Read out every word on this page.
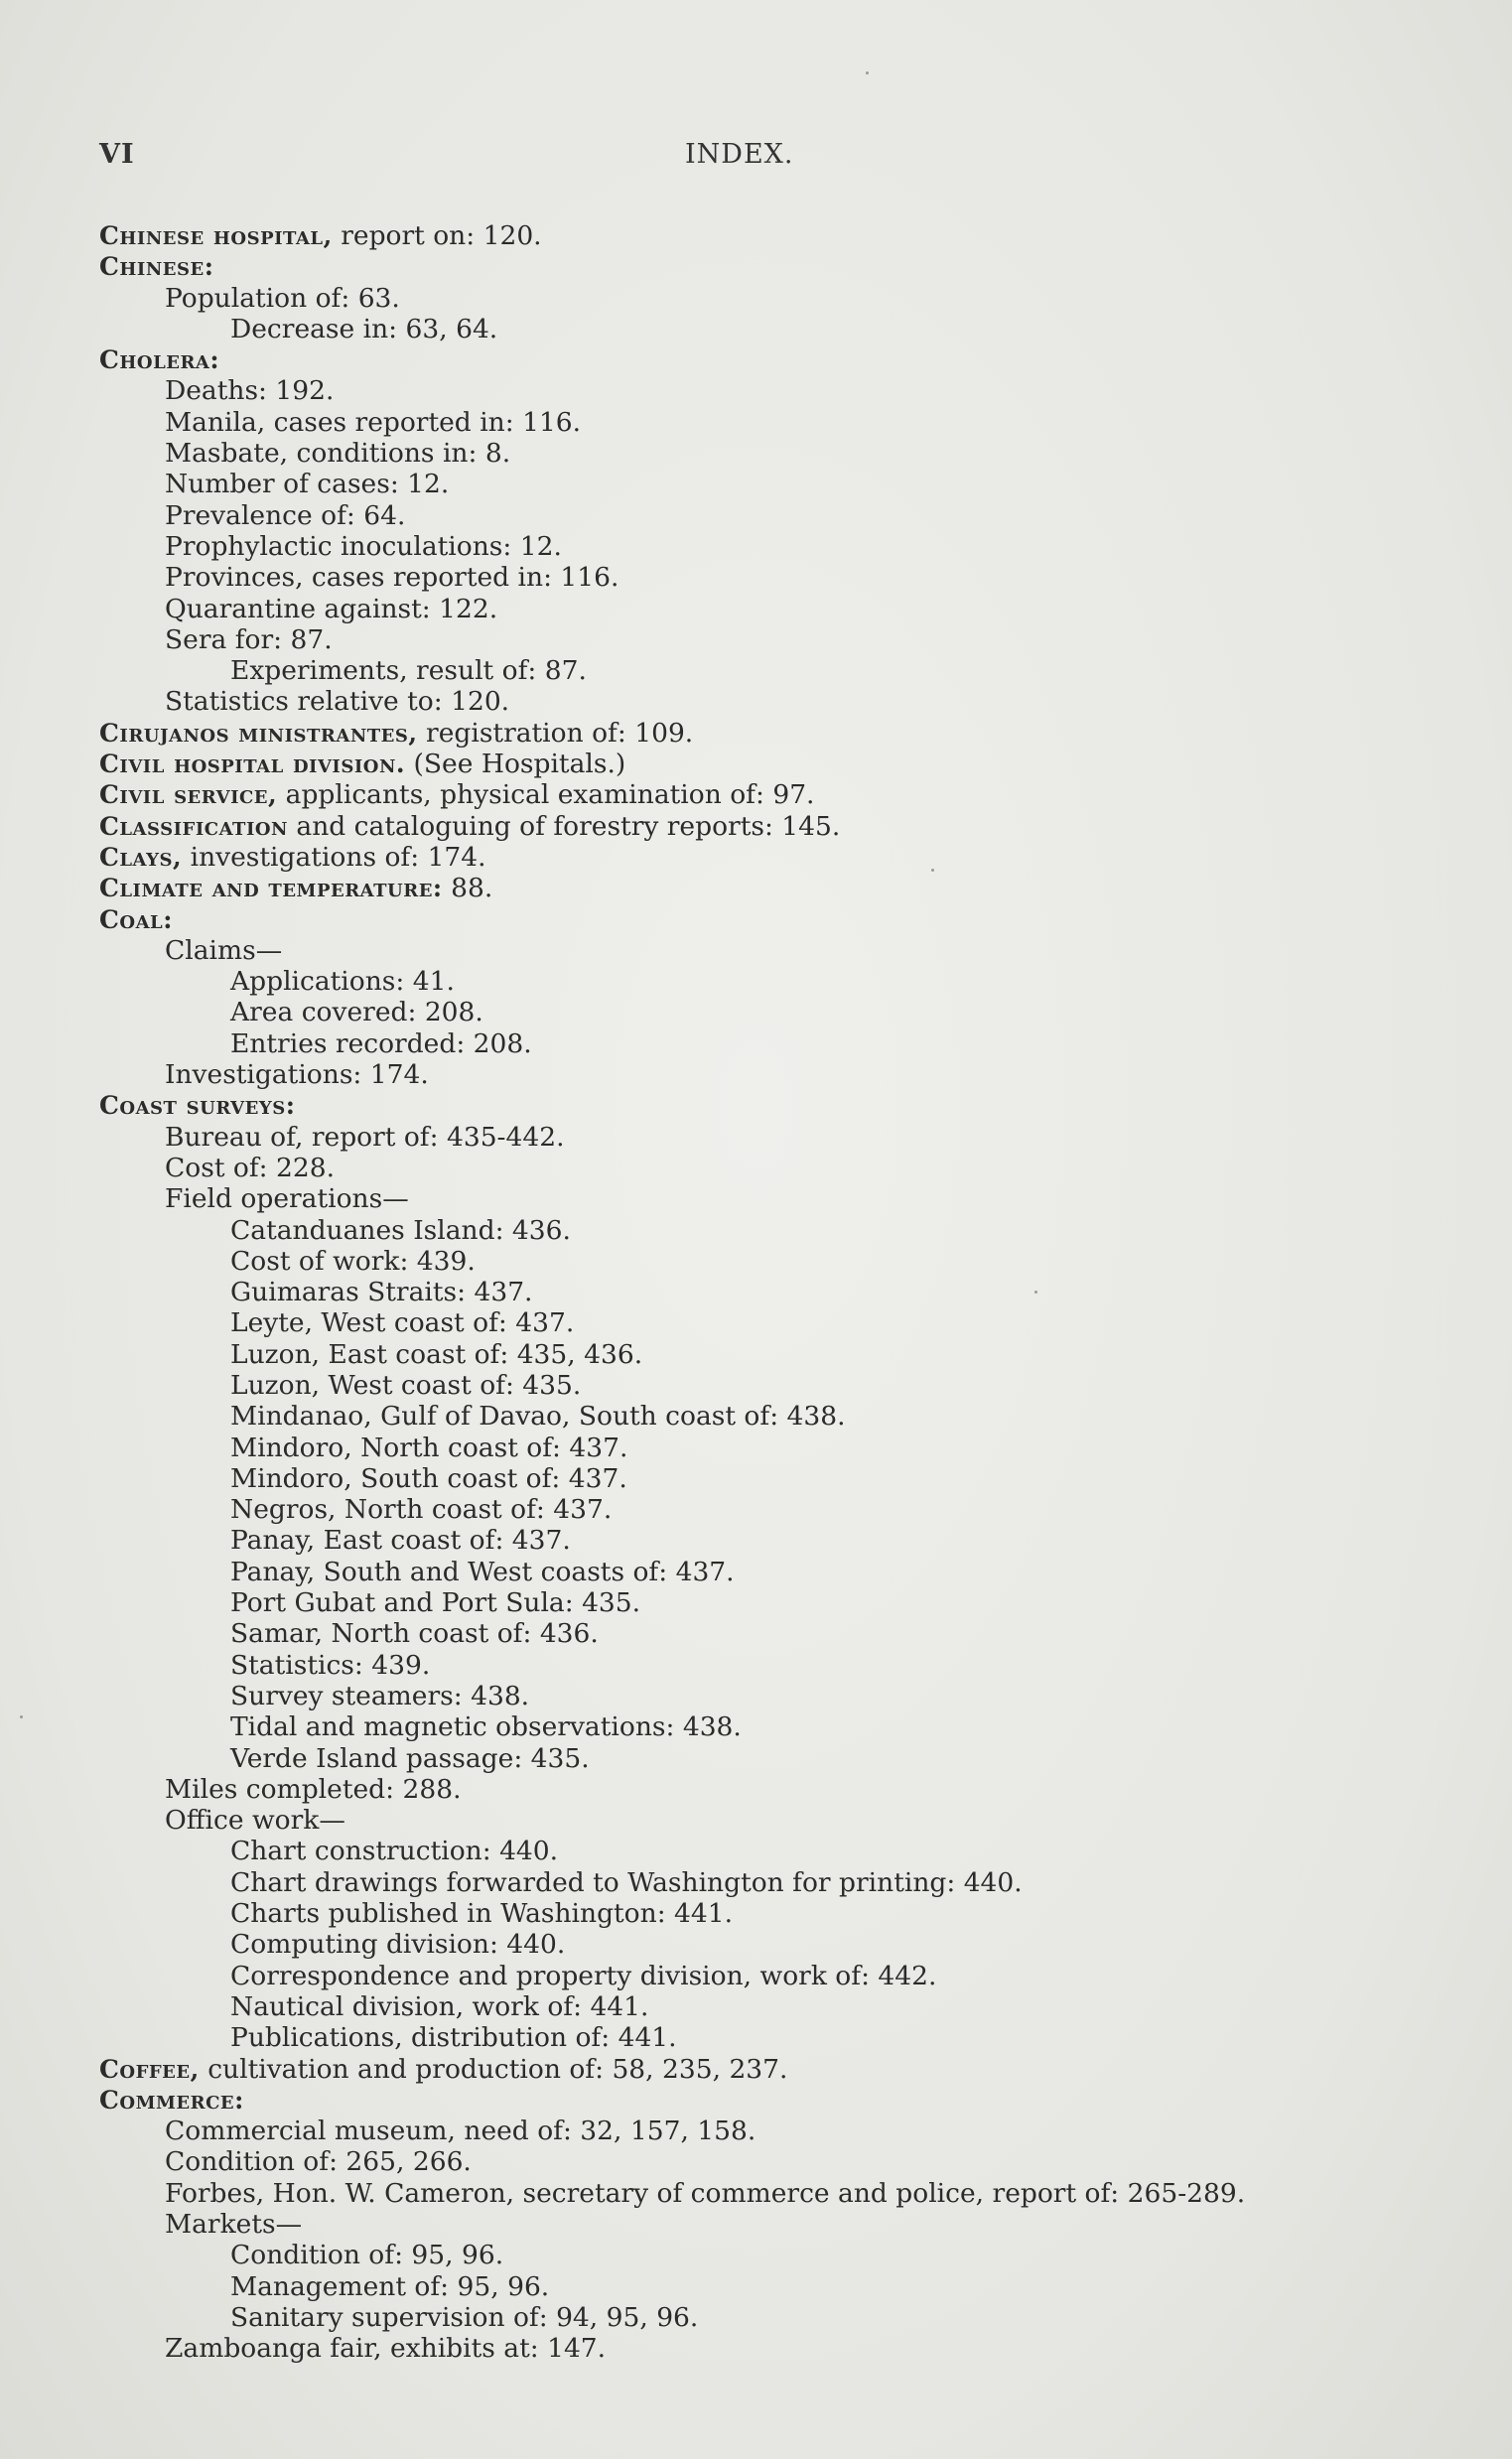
VI	INDEX.
Chinese hospital, report on: 120.
Chinese:
Population of: 63.
Decrease in: 63, 64.
Cholera:
Deaths: 192.
Manila, cases reported in: 116.
Masbate, conditions in: 8.
Number of cases: 12.
Prevalence of: 64.
Prophylactic inoculations: 12.
Provinces, cases reported in: 116.
Quarantine against: 122.
Sera for: 87.
Experiments, result of: 87.
Statistics relative to: 120.
Cirujanos ministrantes, registration of: 109.
Civil hospital division. (See Hospitals.)
Civil service, applicants, physical examination of: 97.
Classification and cataloguing of forestry reports: 145.
Clays, investigations of: 174.
Climate and temperature: 88.
Coal:
Claims—
Applications: 41.
Area covered: 208.
Entries recorded: 208.
Investigations: 174.
Coast surveys:
Bureau of, report of: 435-442.
Cost of: 228.
Field operations—
Catanduanes Island: 436.
Cost of work: 439.
Guimaras Straits: 437.
Leyte, West coast of: 437.
Luzon, East coast of: 435, 436.
Luzon, West coast of: 435.
Mindanao, Gulf of Davao, South coast of: 438.
Mindoro, North coast of: 437.
Mindoro, South coast of: 437.
Negros, North coast of: 437.
Panay, East coast of: 437.
Panay, South and West coasts of: 437.
Port Gubat and Port Sula: 435.
Samar, North coast of: 436.
Statistics: 439.
Survey steamers: 438.
Tidal and magnetic observations: 438.
Verde Island passage: 435.
Miles completed: 288.
Office work—
Chart construction: 440.
Chart drawings forwarded to Washington for printing: 440.
Charts published in Washington: 441.
Computing division: 440.
Correspondence and property division, work of: 442.
Nautical division, work of: 441.
Publications, distribution of: 441.
Coffee, cultivation and production of: 58, 235, 237.
Commerce:
Commercial museum, need of: 32, 157, 158.
Condition of: 265, 266.
Forbes, Hon. W. Cameron, secretary of commerce and police, report of: 265-289.
Markets—
Condition of: 95, 96.
Management of: 95, 96.
Sanitary supervision of: 94, 95, 96.
Zamboanga fair, exhibits at: 147.
